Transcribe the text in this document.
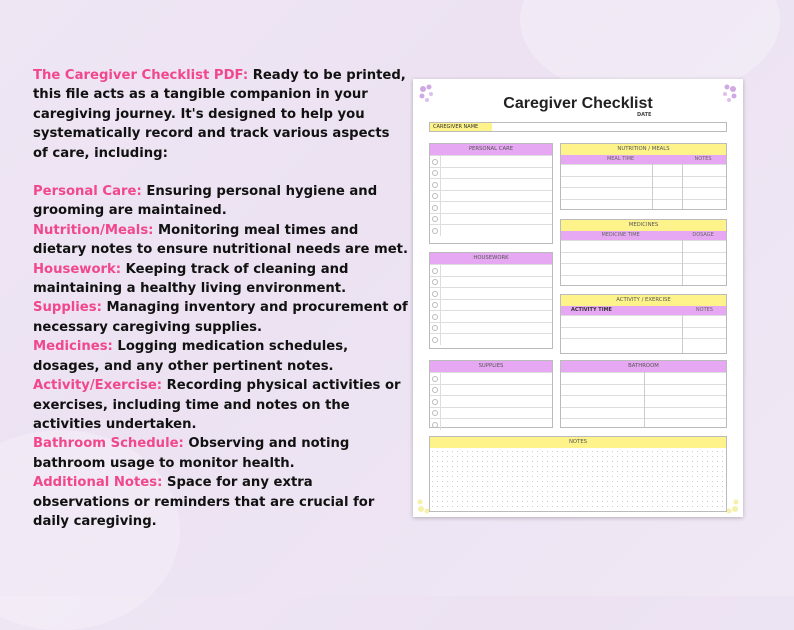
The Caregiver Checklist PDF: Ready to be printed, this file acts as a tangible companion in your caregiving journey. It's designed to help you systematically record and track various aspects of care, including:
Personal Care: Ensuring personal hygiene and grooming are maintained.
Nutrition/Meals: Monitoring meal times and dietary notes to ensure nutritional needs are met.
Housework: Keeping track of cleaning and maintaining a healthy living environment.
Supplies: Managing inventory and procurement of necessary caregiving supplies.
Medicines: Logging medication schedules, dosages, and any other pertinent notes.
Activity/Exercise: Recording physical activities or exercises, including time and notes on the activities undertaken.
Bathroom Schedule: Observing and noting bathroom usage to monitor health.
Additional Notes: Space for any extra observations or reminders that are crucial for daily caregiving.
Caregiver Checklist
DATE
CAREGIVER NAME
PERSONAL CARE	NUTRITION / MEALS
MEAL TIME	NOTES
MEDICINES
MEDICINE TIME	DOSAGE
HOUSEWORK
ACTIVITY / EXERCISE
ACTIVITY TIME	NOTES
SUPPLIES	BATHROOM
NOTES
